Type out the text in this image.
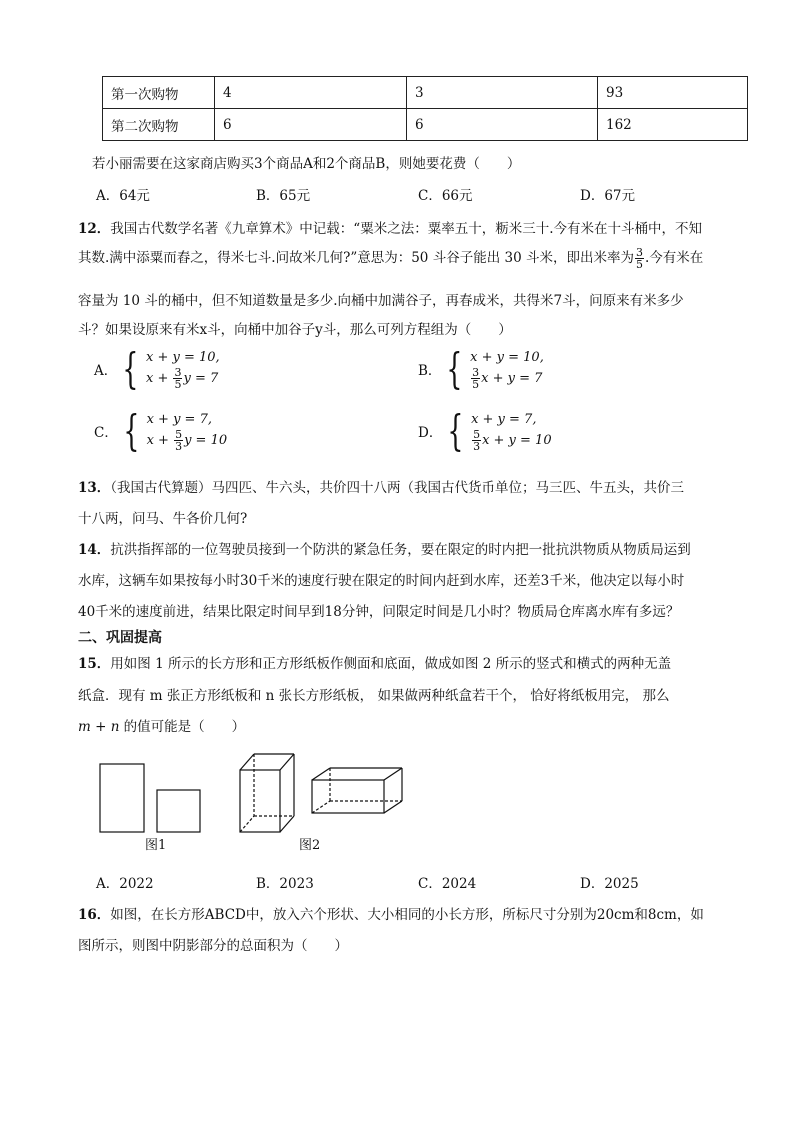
第一次购物	4	3	93
第二次购物	6	6	162
若小丽需要在这家商店购买3个商品A和2个商品B，则她要花费（　　）
A．64元	B．65元	C．66元	D．67元
12．我国古代数学名著《九章算术》中记载：“粟米之法：粟率五十，粝米三十.今有米在十斗桶中，不知
其数.满中添粟而舂之，得米七斗.问故米几何?”意思为：50 斗谷子能出 30 斗米，即出米率为 $\frac{3}{5}$ .今有米在
容量为 10 斗的桶中，但不知道数量是多少.向桶中加满谷子，再春成米，共得米7斗，问原来有米多少
斗？如果设原来有米x斗，向桶中加谷子y斗，那么可列方程组为（　　）
A． { x + y = 10,
$x + \frac{3}{5}$ y = 7	B． { x + y = 10,
$\frac{3}{5}$ x + y = 7
C． { x + y = 7,
$x + \frac{5}{3}$ y = 10	D． { x + y = 7,
$\frac{5}{3}$ x + y = 10
13．（我国古代算题）马四匹、牛六头，共价四十八两（我国古代货币单位；马三匹、牛五头，共价三
十八两，问马、牛各价几何?
14．抗洪指挥部的一位驾驶员接到一个防洪的紧急任务，要在限定的时内把一批抗洪物质从物质局运到
水库，这辆车如果按每小时30千米的速度行驶在限定的时间内赶到水库，还差3千米，他决定以每小时
40千米的速度前进，结果比限定时间早到18分钟，问限定时间是几小时？物质局仓库离水库有多远？
二、巩固提高
15．用如图 1 所示的长方形和正方形纸板作侧面和底面，做成如图 2 所示的竖式和横式的两种无盖
纸盒．现有 m 张正方形纸板和 n 张长方形纸板， 如果做两种纸盒若干个， 恰好将纸板用完， 那么
m + n 的值可能是（　　）
图1	图2
A．2022	B．2023	C．2024	D．2025
16．如图，在长方形ABCD中，放入六个形状、大小相同的小长方形，所标尺寸分别为20cm和8cm，如
图所示，则图中阴影部分的总面积为（　　）
